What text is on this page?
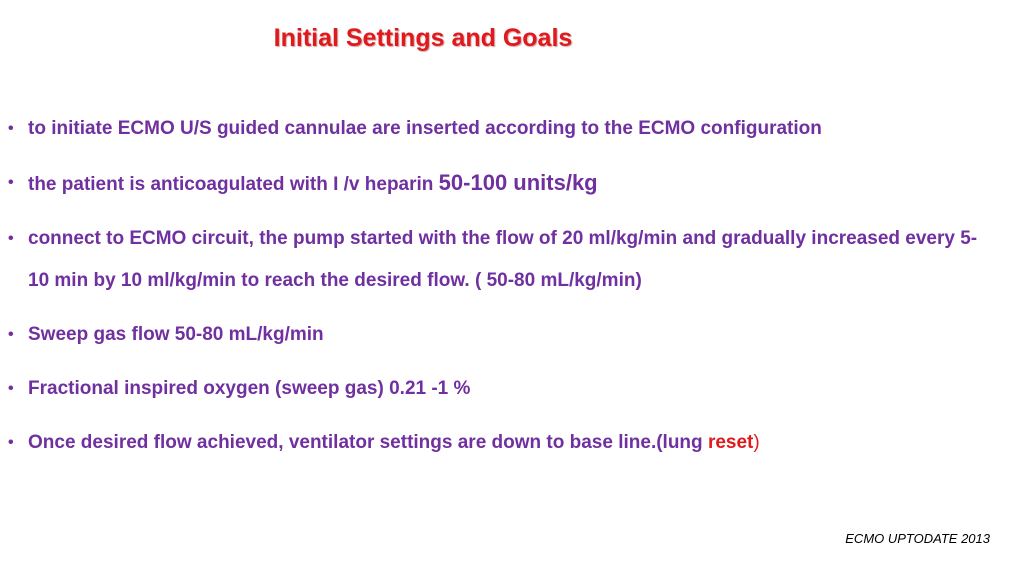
Initial Settings and Goals
• to initiate ECMO U/S guided cannulae are inserted according to the ECMO configuration
• the patient is anticoagulated with I /v heparin 50-100 units/kg
• connect to ECMO circuit, the pump started with the flow of 20 ml/kg/min and gradually increased every 5-10 min by 10 ml/kg/min to reach the desired flow. ( 50-80 mL/kg/min)
• Sweep gas flow 50-80 mL/kg/min
• Fractional inspired oxygen (sweep gas) 0.21 -1 %
• Once desired flow achieved, ventilator settings are down to base line.(lung reset)
ECMO UPTODATE 2013
